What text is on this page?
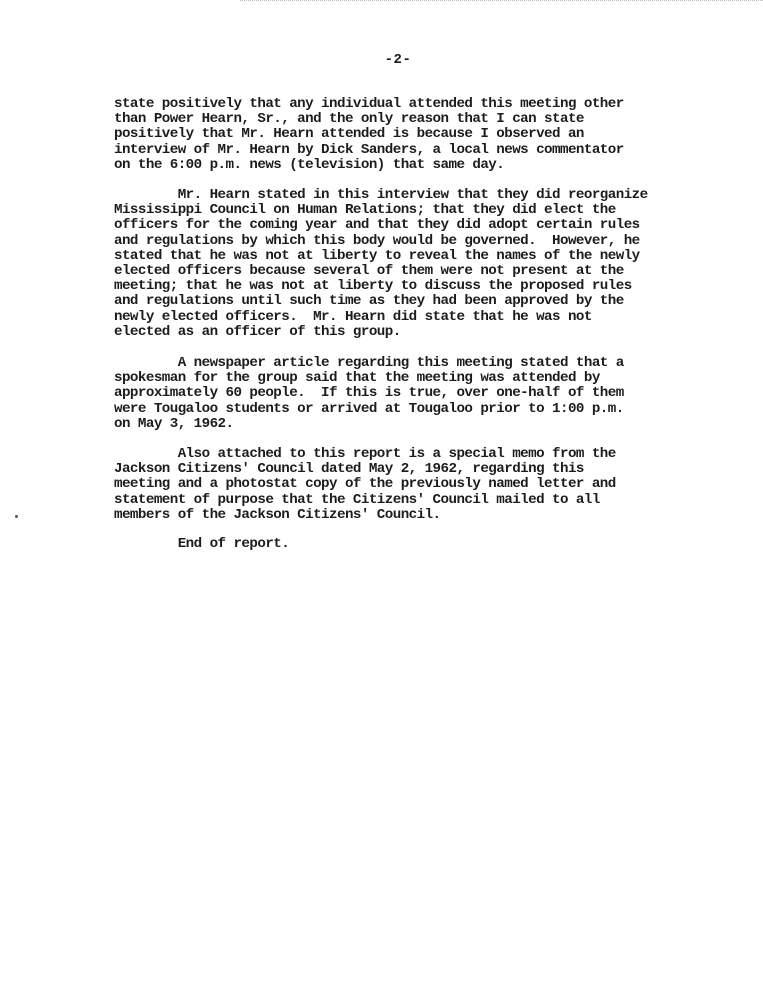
-2-

state positively that any individual attended this meeting other
than Power Hearn, Sr., and the only reason that I can state
positively that Mr. Hearn attended is because I observed an
interview of Mr. Hearn by Dick Sanders, a local news commentator
on the 6:00 p.m. news (television) that same day.

Mr. Hearn stated in this interview that they did reorganize
Mississippi Council on Human Relations; that they did elect the
officers for the coming year and that they did adopt certain rules
and regulations by which this body would be governed.  However, he
stated that he was not at liberty to reveal the names of the newly
elected officers because several of them were not present at the
meeting; that he was not at liberty to discuss the proposed rules
and regulations until such time as they had been approved by the
newly elected officers.  Mr. Hearn did state that he was not
elected as an officer of this group.

A newspaper article regarding this meeting stated that a
spokesman for the group said that the meeting was attended by
approximately 60 people.  If this is true, over one-half of them
were Tougaloo students or arrived at Tougaloo prior to 1:00 p.m.
on May 3, 1962.

Also attached to this report is a special memo from the
Jackson Citizens' Council dated May 2, 1962, regarding this
meeting and a photostat copy of the previously named letter and
statement of purpose that the Citizens' Council mailed to all
members of the Jackson Citizens' Council.

End of report.
